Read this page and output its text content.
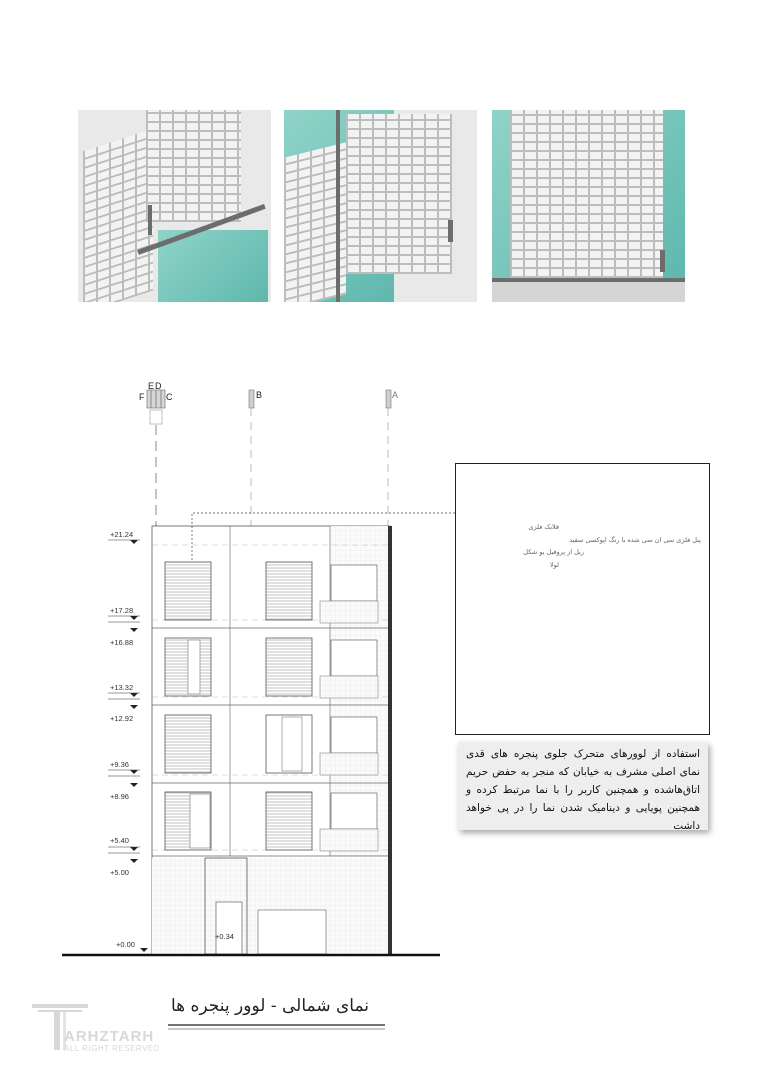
F
E D
C	B	A
+21.24
+17.28
+16.88
+13.32
+12.92
+9.36
+8.96
+5.40
+5.00
+0.00
+0.34
قلابک فلزی
پنل فلزی سی ان سی شده با رنگ اپوکسی سفید
ریل از پروفیل یو شکل
لولا
استفاده از لوورهای متحرک جلوی پنجره های قدی نمای اصلی مشرف به خیابان که منجر به حفض حریم اتاق‌هاشده و همچنین کاربر را با نما مرتبط کرده و همچنین پویایی و دینامیک شدن نما را در پی خواهد داشت
نمای شمالی - لوور پنجره ها
ARHZTARH
ALL RIGHT RESERVED
